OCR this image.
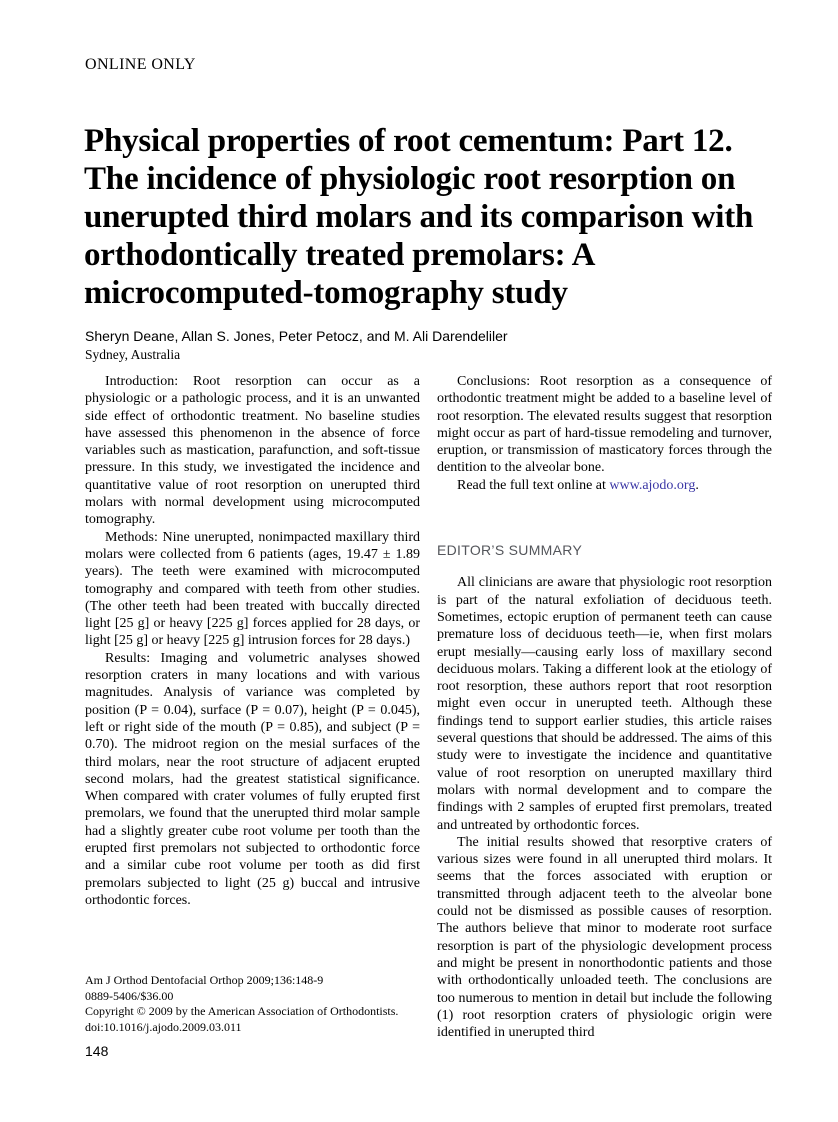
ONLINE ONLY
Physical properties of root cementum: Part 12. The incidence of physiologic root resorption on unerupted third molars and its comparison with orthodontically treated premolars: A microcomputed-tomography study
Sheryn Deane, Allan S. Jones, Peter Petocz, and M. Ali Darendeliler
Sydney, Australia

Introduction: Root resorption can occur as a physiologic or a pathologic process, and it is an unwanted side effect of orthodontic treatment. No baseline studies have assessed this phenomenon in the absence of force variables such as mastication, parafunction, and soft-tissue pressure. In this study, we investigated the incidence and quantitative value of root resorption on unerupted third molars with normal development using microcomputed tomography.

Methods: Nine unerupted, nonimpacted maxillary third molars were collected from 6 patients (ages, 19.47 ± 1.89 years). The teeth were examined with microcomputed tomography and compared with teeth from other studies. (The other teeth had been treated with buccally directed light [25 g] or heavy [225 g] forces applied for 28 days, or light [25 g] or heavy [225 g] intrusion forces for 28 days.)

Results: Imaging and volumetric analyses showed resorption craters in many locations and with various magnitudes. Analysis of variance was completed by position (P = 0.04), surface (P = 0.07), height (P = 0.045), left or right side of the mouth (P = 0.85), and subject (P = 0.70). The midroot region on the mesial surfaces of the third molars, near the root structure of adjacent erupted second molars, had the greatest statistical significance. When compared with crater volumes of fully erupted first premolars, we found that the unerupted third molar sample had a slightly greater cube root volume per tooth than the erupted first premolars not subjected to orthodontic force and a similar cube root volume per tooth as did first premolars subjected to light (25 g) buccal and intrusive orthodontic forces.

Conclusions: Root resorption as a consequence of orthodontic treatment might be added to a baseline level of root resorption. The elevated results suggest that resorption might occur as part of hard-tissue remodeling and turnover, eruption, or transmission of masticatory forces through the dentition to the alveolar bone.

Read the full text online at www.ajodo.org.

EDITOR’S SUMMARY

All clinicians are aware that physiologic root resorption is part of the natural exfoliation of deciduous teeth. Sometimes, ectopic eruption of permanent teeth can cause premature loss of deciduous teeth—ie, when first molars erupt mesially—causing early loss of maxillary second deciduous molars. Taking a different look at the etiology of root resorption, these authors report that root resorption might even occur in unerupted teeth. Although these findings tend to support earlier studies, this article raises several questions that should be addressed. The aims of this study were to investigate the incidence and quantitative value of root resorption on unerupted maxillary third molars with normal development and to compare the findings with 2 samples of erupted first premolars, treated and untreated by orthodontic forces.

The initial results showed that resorptive craters of various sizes were found in all unerupted third molars. It seems that the forces associated with eruption or transmitted through adjacent teeth to the alveolar bone could not be dismissed as possible causes of resorption. The authors believe that minor to moderate root surface resorption is part of the physiologic development process and might be present in nonorthodontic patients and those with orthodontically unloaded teeth. The conclusions are too numerous to mention in detail but include the following (1) root resorption craters of physiologic origin were identified in unerupted third

Am J Orthod Dentofacial Orthop 2009;136:148-9
0889-5406/$36.00
Copyright © 2009 by the American Association of Orthodontists.
doi:10.1016/j.ajodo.2009.03.011
148
